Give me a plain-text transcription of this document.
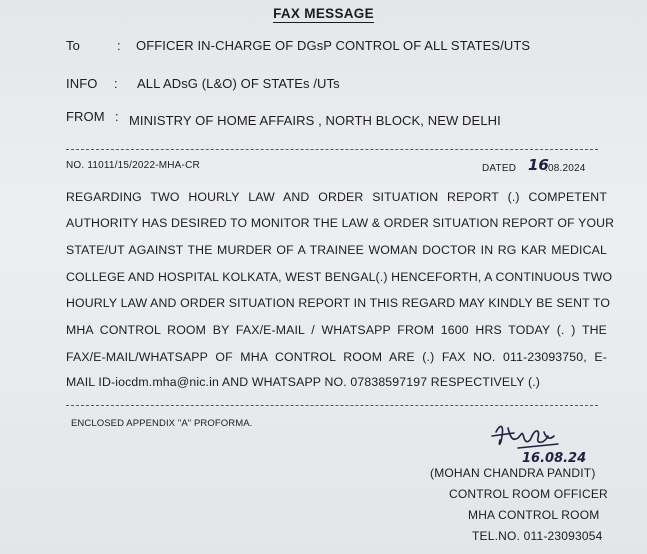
FAX MESSAGE
To	: OFFICER IN-CHARGE OF DGsP CONTROL OF ALL STATES/UTS
INFO : ALL ADsG (L&O) OF STATEs /UTs
FROM : MINISTRY OF HOME AFFAIRS , NORTH BLOCK, NEW DELHI
NO. 11011/15/2022-MHA-CR	DATED 16
.08.2024
REGARDING TWO HOURLY LAW AND ORDER SITUATION REPORT (.) COMPETENT
AUTHORITY HAS DESIRED TO MONITOR THE LAW & ORDER SITUATION REPORT OF YOUR
STATE/UT AGAINST THE MURDER OF A TRAINEE WOMAN DOCTOR IN RG KAR MEDICAL
COLLEGE AND HOSPITAL KOLKATA, WEST BENGAL(.) HENCEFORTH, A CONTINUOUS TWO
HOURLY LAW AND ORDER SITUATION REPORT IN THIS REGARD MAY KINDLY BE SENT TO
MHA CONTROL ROOM BY FAX/E-MAIL / WHATSAPP FROM 1600 HRS TODAY (. ) THE
FAX/E-MAIL/WHATSAPP OF MHA CONTROL ROOM ARE (.) FAX NO. 011-23093750, E-
MAIL ID-iocdm.mha@nic.in AND WHATSAPP NO. 07838597197 RESPECTIVELY (.)
ENCLOSED APPENDIX "A" PROFORMA.
16.08.24
(MOHAN CHANDRA PANDIT)
CONTROL ROOM OFFICER
MHA CONTROL ROOM
TEL.NO. 011-23093054
